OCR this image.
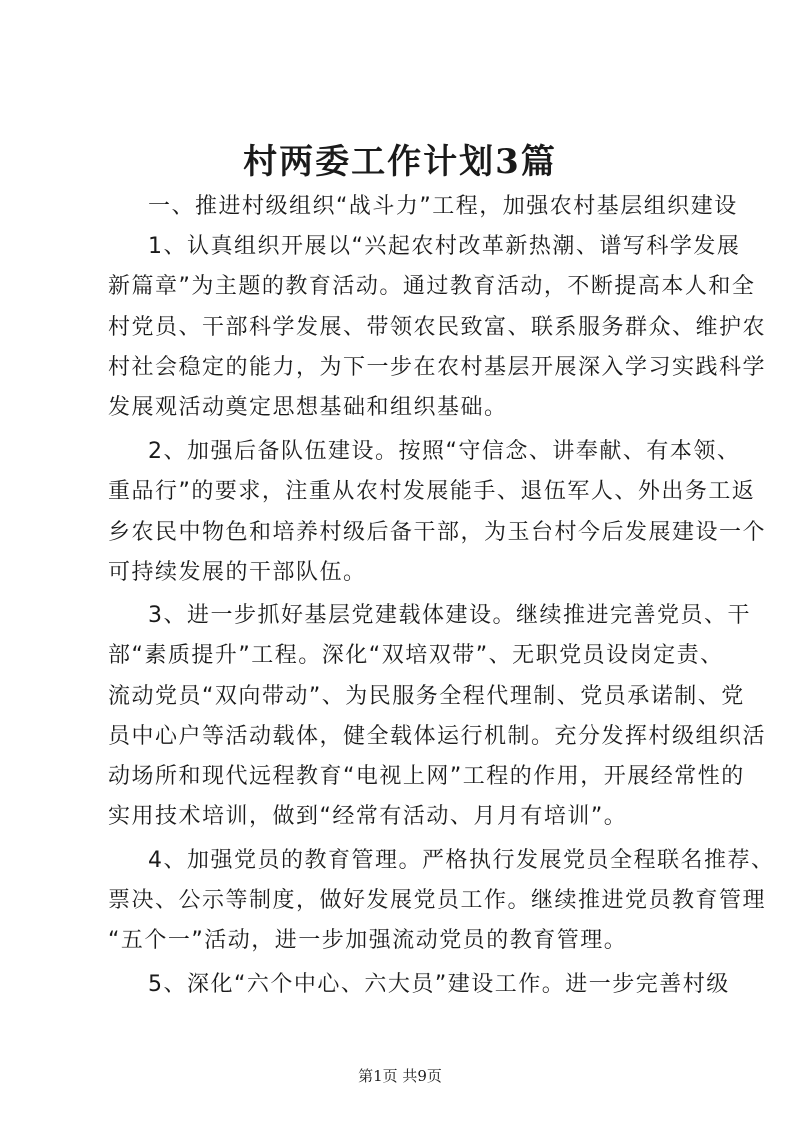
村两委工作计划3篇
一、推进村级组织“战斗力”工程，加强农村基层组织建设
1、认真组织开展以“兴起农村改革新热潮、谱写科学发展
新篇章”为主题的教育活动。通过教育活动，不断提高本人和全
村党员、干部科学发展、带领农民致富、联系服务群众、维护农
村社会稳定的能力，为下一步在农村基层开展深入学习实践科学
发展观活动奠定思想基础和组织基础。
2、加强后备队伍建设。按照“守信念、讲奉献、有本领、
重品行”的要求，注重从农村发展能手、退伍军人、外出务工返
乡农民中物色和培养村级后备干部，为玉台村今后发展建设一个
可持续发展的干部队伍。
3、进一步抓好基层党建载体建设。继续推进完善党员、干
部“素质提升”工程。深化“双培双带”、无职党员设岗定责、
流动党员“双向带动”、为民服务全程代理制、党员承诺制、党
员中心户等活动载体，健全载体运行机制。充分发挥村级组织活
动场所和现代远程教育“电视上网”工程的作用，开展经常性的
实用技术培训，做到“经常有活动、月月有培训”。
4、加强党员的教育管理。严格执行发展党员全程联名推荐、
票决、公示等制度，做好发展党员工作。继续推进党员教育管理
“五个一”活动，进一步加强流动党员的教育管理。
5、深化“六个中心、六大员”建设工作。进一步完善村级
第1页 共9页
